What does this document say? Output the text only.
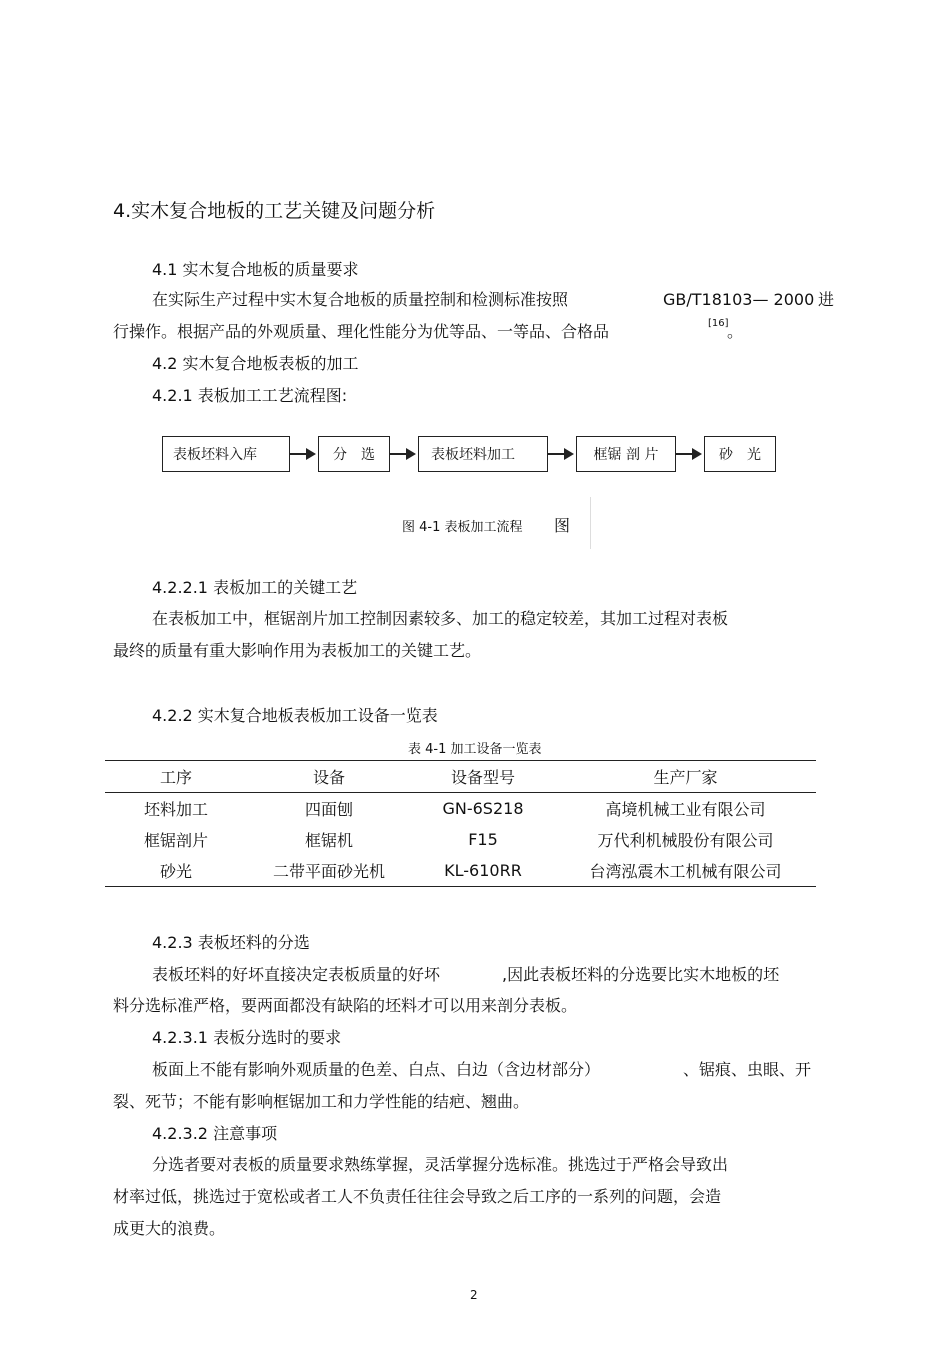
4.实木复合地板的工艺关键及问题分析
4.1 实木复合地板的质量要求
在实际生产过程中实木复合地板的质量控制和检测标准按照	GB/T18103— 2000 进
行操作。根据产品的外观质量、理化性能分为优等品、一等品、合格品	[16]
。
4.2 实木复合地板表板的加工
4.2.1 表板加工工艺流程图:
表板坯料入库	分　选	表板坯料加工	框锯 剖 片	砂　光
图 4-1 表板加工流程 图
4.2.2.1 表板加工的关键工艺
在表板加工中，框锯剖片加工控制因素较多、加工的稳定较差，其加工过程对表板
最终的质量有重大影响作用为表板加工的关键工艺。
4.2.2 实木复合地板表板加工设备一览表
表 4-1 加工设备一览表
工序	设备	设备型号	生产厂家
坯料加工	四面刨	GN-6S218	高境机械工业有限公司
框锯剖片	框锯机	F15	万代利机械股份有限公司
砂光	二带平面砂光机	KL-610RR	台湾泓震木工机械有限公司
4.2.3 表板坯料的分选
表板坯料的好坏直接决定表板质量的好坏	,因此表板坯料的分选要比实木地板的坯
料分选标准严格，要两面都没有缺陷的坯料才可以用来剖分表板。
4.2.3.1 表板分选时的要求
板面上不能有影响外观质量的色差、白点、白边（含边材部分）	、锯痕、虫眼、开
裂、死节；不能有影响框锯加工和力学性能的结疤、翘曲。
4.2.3.2 注意事项
分选者要对表板的质量要求熟练掌握，灵活掌握分选标准。挑选过于严格会导致出
材率过低，挑选过于宽松或者工人不负责任往往会导致之后工序的一系列的问题，会造
成更大的浪费。
2
